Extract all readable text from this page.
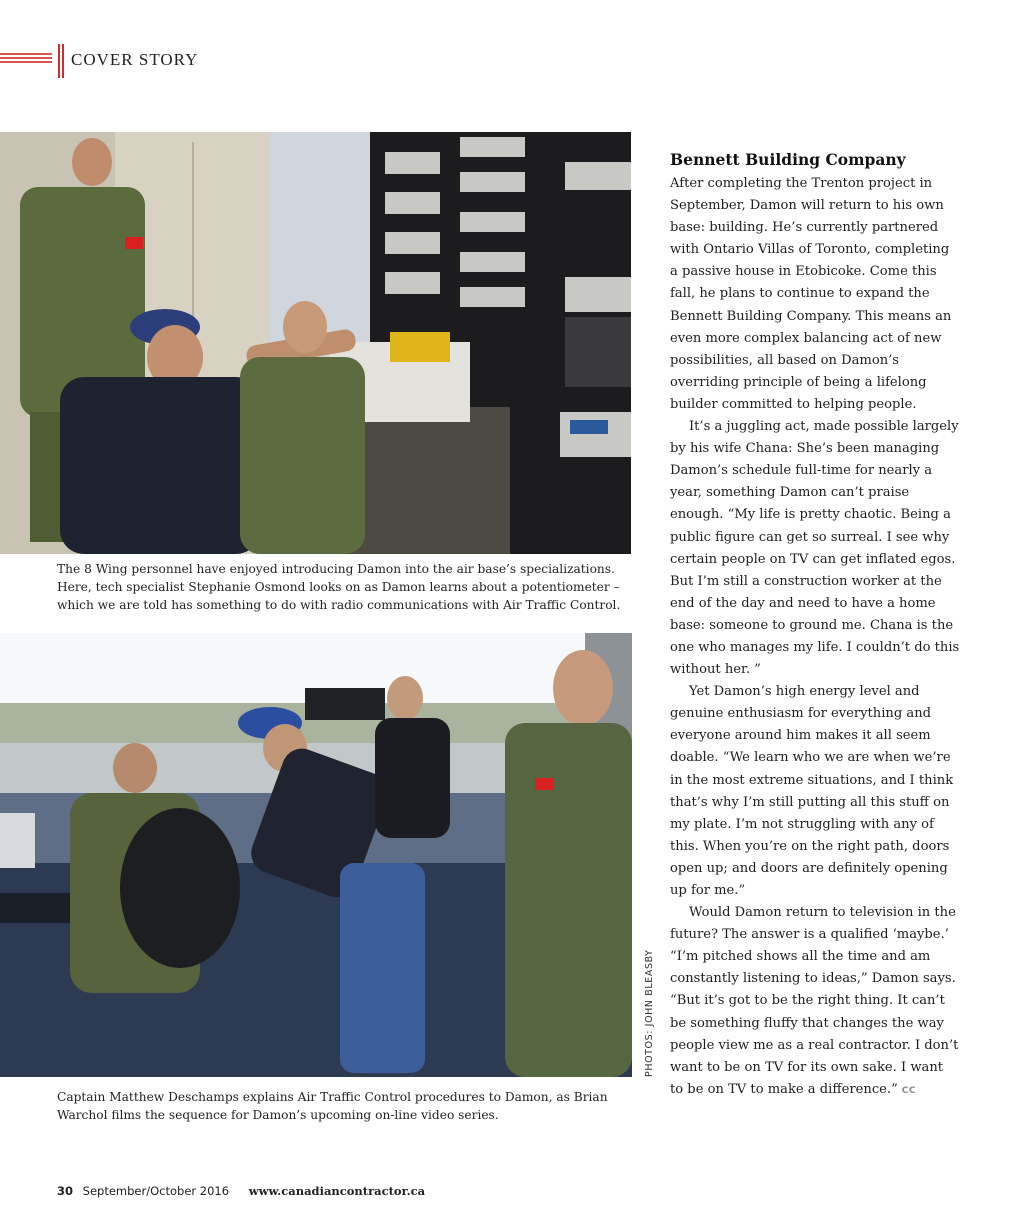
COVER STORY
The 8 Wing personnel have enjoyed introducing Damon into the air base’s specializations. Here, tech specialist Stephanie Osmond looks on as Damon learns about a potentiometer – which we are told has something to do with radio communications with Air Traffic Control.
PHOTOS: JOHN BLEASBY
Captain Matthew Deschamps explains Air Traffic Control procedures to Damon, as Brian Warchol films the sequence for Damon’s upcoming on-line video series.
Bennett Building Company

After completing the Trenton project in September, Damon will return to his own base: building. He’s currently partnered with Ontario Villas of Toronto, completing a passive house in Etobicoke. Come this fall, he plans to continue to expand the Bennett Building Company. This means an even more complex balancing act of new possibilities, all based on Damon’s overriding principle of being a lifelong builder committed to helping people.

It’s a juggling act, made possible largely by his wife Chana: She’s been managing Damon’s schedule full-time for nearly a year, something Damon can’t praise enough. “My life is pretty chaotic. Being a public figure can get so surreal. I see why certain people on TV can get inflated egos. But I’m still a construction worker at the end of the day and need to have a home base: someone to ground me. Chana is the one who manages my life. I couldn’t do this without her. ”

Yet Damon’s high energy level and genuine enthusiasm for everything and everyone around him makes it all seem doable. “We learn who we are when we’re in the most extreme situations, and I think that’s why I’m still putting all this stuff on my plate. I’m not struggling with any of this. When you’re on the right path, doors open up; and doors are definitely opening up for me.”

Would Damon return to television in the future? The answer is a qualified ‘maybe.’ “I’m pitched shows all the time and am constantly listening to ideas,” Damon says. “But it’s got to be the right thing. It can’t be something fluffy that changes the way people view me as a real contractor. I don’t want to be on TV for its own sake. I want to be on TV to make a difference.” CC

30 September/October 2016 www.canadiancontractor.ca
